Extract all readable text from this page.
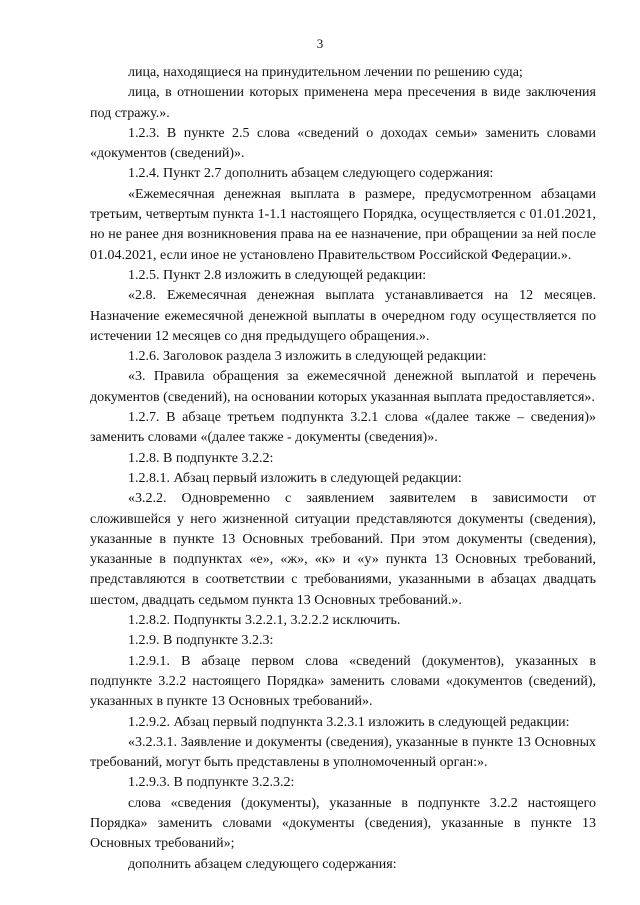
3

лица, находящиеся на принудительном лечении по решению суда;

лица, в отношении которых применена мера пресечения в виде заключения под стражу.».

1.2.3. В пункте 2.5 слова «сведений о доходах семьи» заменить словами «документов (сведений)».

1.2.4. Пункт 2.7 дополнить абзацем следующего содержания:

«Ежемесячная денежная выплата в размере, предусмотренном абзацами третьим, четвертым пункта 1-1.1 настоящего Порядка, осуществляется с 01.01.2021, но не ранее дня возникновения права на ее назначение, при обращении за ней после 01.04.2021, если иное не установлено Правительством Российской Федерации.».

1.2.5. Пункт 2.8 изложить в следующей редакции:

«2.8. Ежемесячная денежная выплата устанавливается на 12 месяцев. Назначение ежемесячной денежной выплаты в очередном году осуществляется по истечении 12 месяцев со дня предыдущего обращения.».

1.2.6. Заголовок раздела 3 изложить в следующей редакции:

«3. Правила обращения за ежемесячной денежной выплатой и перечень документов (сведений), на основании которых указанная выплата предоставляется».

1.2.7. В абзаце третьем подпункта 3.2.1 слова «(далее также – сведения)» заменить словами «(далее также - документы (сведения)».

1.2.8. В подпункте 3.2.2:

1.2.8.1. Абзац первый изложить в следующей редакции:

«3.2.2. Одновременно с заявлением заявителем в зависимости от сложившейся у него жизненной ситуации представляются документы (сведения), указанные в пункте 13 Основных требований. При этом документы (сведения), указанные в подпунктах «е», «ж», «к» и «у» пункта 13 Основных требований, представляются в соответствии с требованиями, указанными в абзацах двадцать шестом, двадцать седьмом пункта 13 Основных требований.».

1.2.8.2. Подпункты 3.2.2.1, 3.2.2.2 исключить.

1.2.9. В подпункте 3.2.3:

1.2.9.1. В абзаце первом слова «сведений (документов), указанных в подпункте 3.2.2 настоящего Порядка» заменить словами «документов (сведений), указанных в пункте 13 Основных требований».

1.2.9.2. Абзац первый подпункта 3.2.3.1 изложить в следующей редакции:

«3.2.3.1. Заявление и документы (сведения), указанные в пункте 13 Основных требований, могут быть представлены в уполномоченный орган:».

1.2.9.3. В подпункте 3.2.3.2:

слова «сведения (документы), указанные в подпункте 3.2.2 настоящего Порядка» заменить словами «документы (сведения), указанные в пункте 13 Основных требований»;

дополнить абзацем следующего содержания:
